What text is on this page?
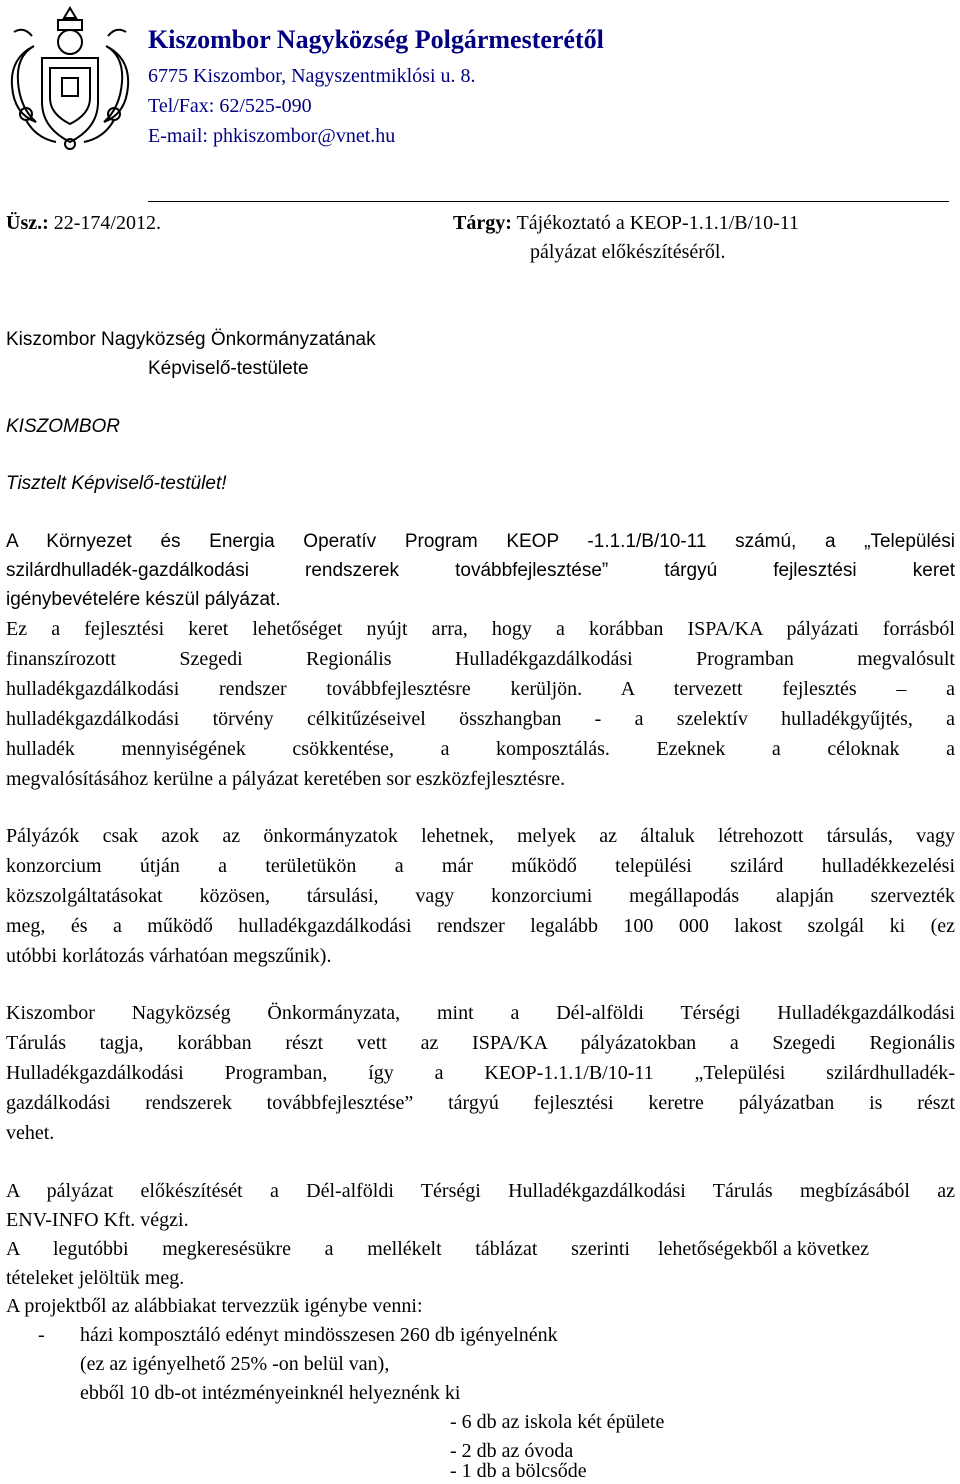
Kiszombor Nagyközség Polgármesterétől
6775 Kiszombor, Nagyszentmiklósi u. 8.
Tel/Fax: 62/525-090
E-mail: phkiszombor@vnet.hu
Üsz.: 22-174/2012.	Tárgy: Tájékoztató a KEOP-1.1.1/B/10-11
pályázat előkészítéséről.
Kiszombor Nagyközség Önkormányzatának
Képviselő-testülete
KISZOMBOR
Tisztelt Képviselő-testület!
A Környezet és Energia Operatív Program KEOP -1.1.1/B/10-11 számú, a „Települési
szilárdhulladék-gazdálkodási rendszerek továbbfejlesztése” tárgyú fejlesztési keret
igénybevételére készül pályázat.
Ez a fejlesztési keret lehetőséget nyújt arra, hogy a korábban ISPA/KA pályázati forrásból
finanszírozott Szegedi Regionális Hulladékgazdálkodási Programban megvalósult
hulladékgazdálkodási rendszer továbbfejlesztésre kerüljön. A tervezett fejlesztés – a
hulladékgazdálkodási törvény célkitűzéseivel összhangban - a szelektív hulladékgyűjtés, a
hulladék mennyiségének csökkentése, a komposztálás. Ezeknek a céloknak a
megvalósításához kerülne a pályázat keretében sor eszközfejlesztésre.
Pályázók csak azok az önkormányzatok lehetnek, melyek az általuk létrehozott társulás, vagy
konzorcium útján a területükön a már működő települési szilárd hulladékkezelési
közszolgáltatásokat közösen, társulási, vagy konzorciumi megállapodás alapján szervezték
meg, és a működő hulladékgazdálkodási rendszer legalább 100 000 lakost szolgál ki (ez
utóbbi korlátozás várhatóan megszűnik).
Kiszombor Nagyközség Önkormányzata, mint a Dél-alföldi Térségi Hulladékgazdálkodási
Tárulás tagja, korábban részt vett az ISPA/KA pályázatokban a Szegedi Regionális
Hulladékgazdálkodási Programban, így a KEOP-1.1.1/B/10-11 „Települési szilárdhulladék-
gazdálkodási rendszerek továbbfejlesztése” tárgyú fejlesztési keretre pályázatban is részt
vehet.
A pályázat előkészítését a Dél-alföldi Térségi Hulladékgazdálkodási Tárulás megbízásából az
ENV-INFO Kft. végzi.
A legutóbbi megkeresésükre a mellékelt táblázat szerinti lehetőségekből a következ
tételeket jelöltük meg.
A projektből az alábbiakat tervezzük igénybe venni:
- házi komposztáló edényt mindösszesen 260 db igényelnénk
(ez az igényelhető 25% -on belül van),
ebből 10 db-ot intézményeinknél helyeznénk ki
- 6 db az iskola két épülete
- 2 db az óvoda
- 1 db a bölcsőde
